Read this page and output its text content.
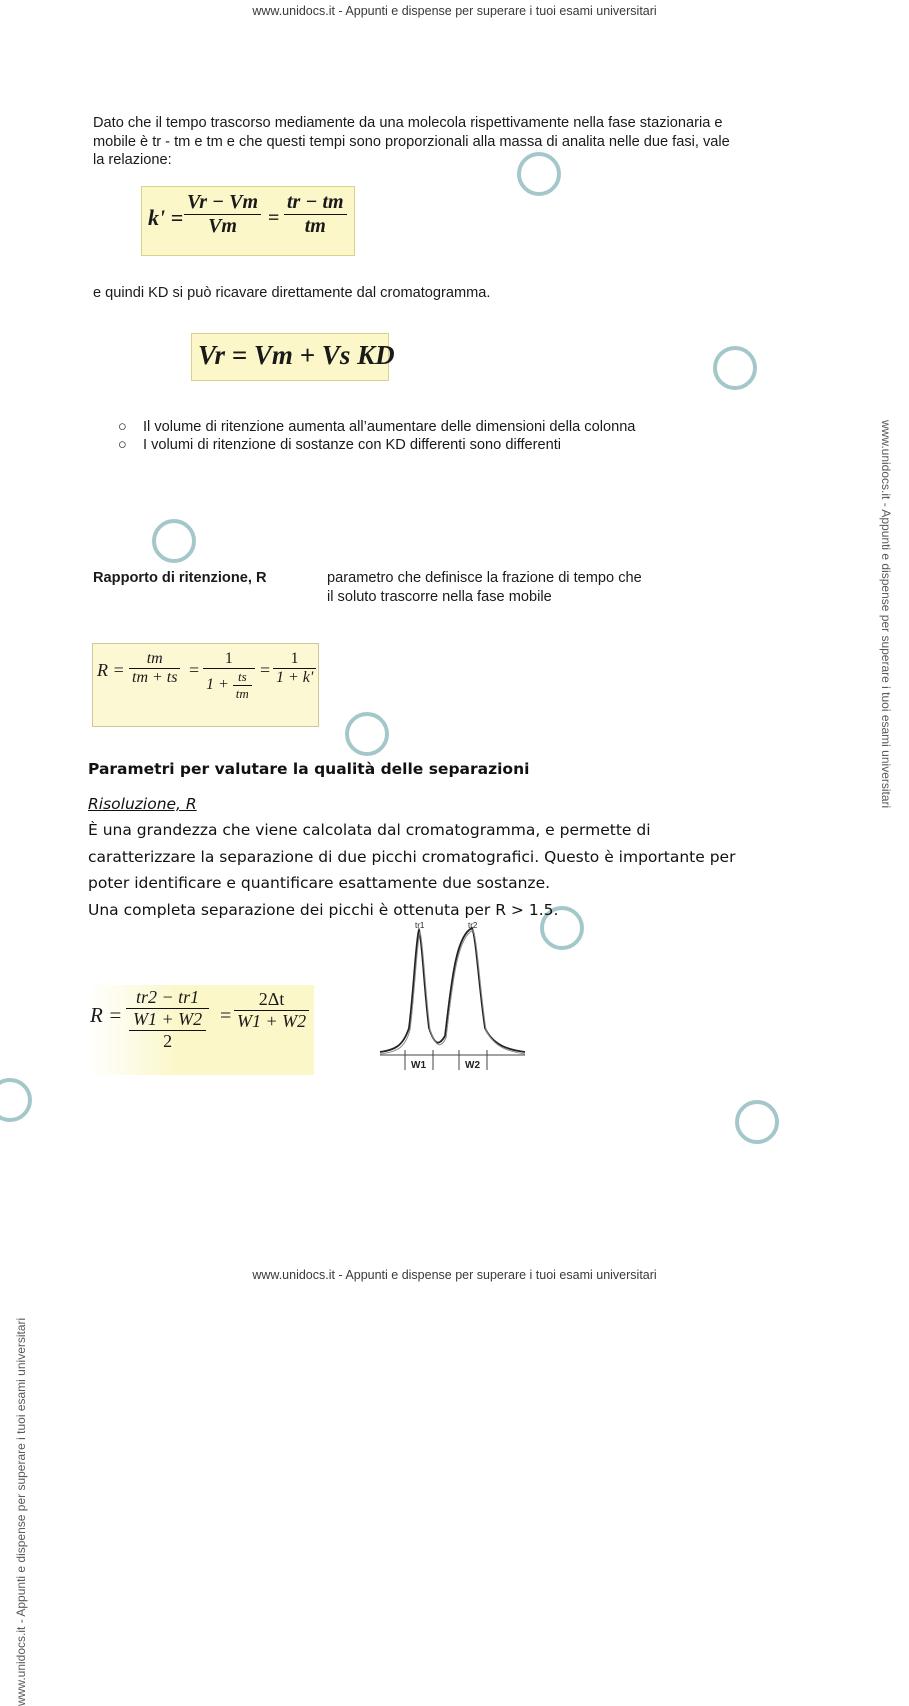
www.unidocs.it - Appunti e dispense per superare i tuoi esami universitari
www.unidocs.it - Appunti e dispense per superare i tuoi esami universitari
www.unidocs.it - Appunti e dispense per superare i tuoi esami universitari
www.unidocs.it - Appunti e dispense per superare i tuoi esami universitari
Dato che il tempo trascorso mediamente da una molecola rispettivamente nella fase stazionaria e mobile è tr - tm e tm e che questi tempi sono proporzionali alla massa di analita nelle due fasi, vale la relazione:
$k' = \frac{Vr - Vm}{Vm} = \frac{tr - tm}{tm}$
e quindi KD si può ricavare direttamente dal cromatogramma.
Vr = Vm + Vs KD
○ Il volume di ritenzione aumenta all’aumentare delle dimensioni della colonna
○ I volumi di ritenzione di sostanze con KD differenti sono differenti
Rapporto di ritenzione, R	parametro che definisce la frazione di tempo che
il soluto trascorre nella fase mobile
$R = \frac{tm}{tm + ts} = \frac{1}{1 + \frac{ts}{tm}} = \frac{1}{1 + k'}$
Parametri per valutare la qualità delle separazioni
Risoluzione, R
È una grandezza che viene calcolata dal cromatogramma, e permette di
caratterizzare la separazione di due picchi cromatografici. Questo è importante per
poter identificare e quantificare esattamente due sostanze.
Una completa separazione dei picchi è ottenuta per R > 1.5.
R = tr2 − tr1
W1 + W2
$2 = \frac{2\Delta t}{W1 + W2}$
tr1	tr2
W1	W2
